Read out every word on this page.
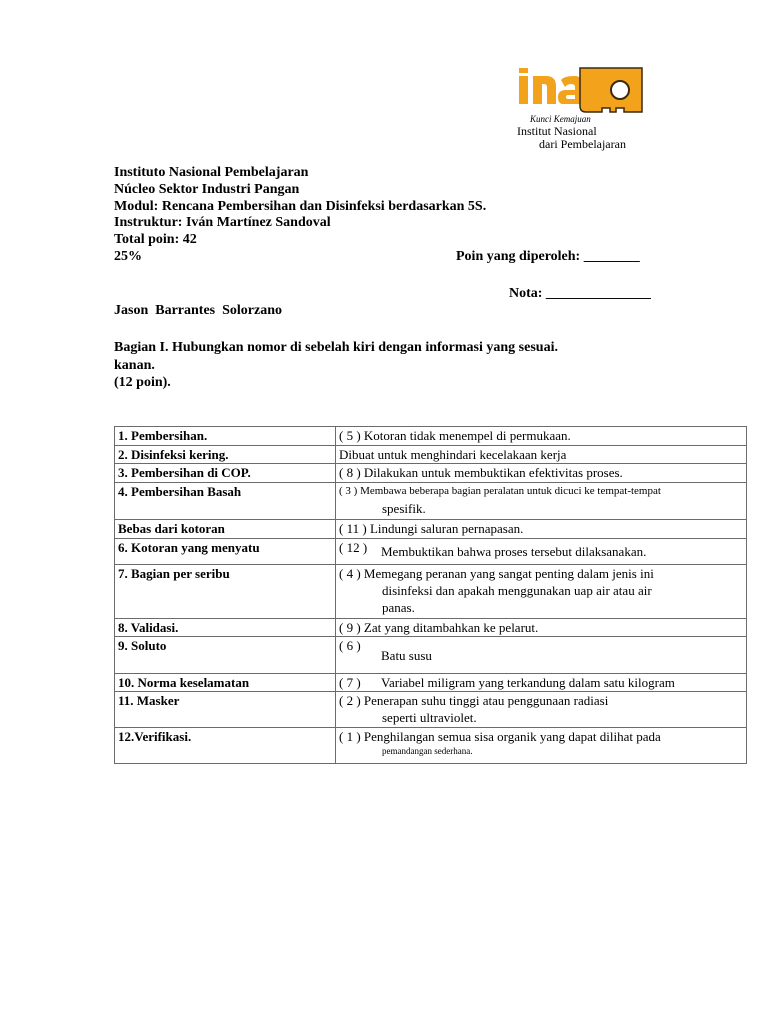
Kunci Kemajuan
Institut Nasional
dari Pembelajaran
Instituto Nasional Pembelajaran
Núcleo Sektor Industri Pangan
Modul: Rencana Pembersihan dan Disinfeksi berdasarkan 5S.
Instruktur: Iván Martínez Sandoval
Total poin: 42
25%	Poin yang diperoleh: ________
Nota: _______________
Jason  Barrantes  Solorzano
Bagian I. Hubungkan nomor di sebelah kiri dengan informasi yang sesuai.
kanan.
(12 poin).
1. Pembersihan.	( 5 ) Kotoran tidak menempel di permukaan.
2. Disinfeksi kering.	Dibuat untuk menghindari kecelakaan kerja
3. Pembersihan di COP.	( 8 ) Dilakukan untuk membuktikan efektivitas proses.
4. Pembersihan Basah	( 3 ) Membawa beberapa bagian peralatan untuk dicuci ke tempat-tempat
spesifik.

Bebas dari kotoran	( 11 ) Lindungi saluran pernapasan.
6. Kotoran yang menyatu	( 12 ) Membuktikan bahwa proses tersebut dilaksanakan.

7. Bagian per seribu	( 4 ) Memegang peranan yang sangat penting dalam jenis ini
disinfeksi dan apakah menggunakan uap air atau air
panas.

8. Validasi.	( 9 ) Zat yang ditambahkan ke pelarut.
9. Soluto	( 6 )
Batu susu

10. Norma keselamatan	( 7 ) Variabel miligram yang terkandung dalam satu kilogram

11. Masker	( 2 ) Penerapan suhu tinggi atau penggunaan radiasi
seperti ultraviolet.

12.Verifikasi.	( 1 ) Penghilangan semua sisa organik yang dapat dilihat pada
pemandangan sederhana.
